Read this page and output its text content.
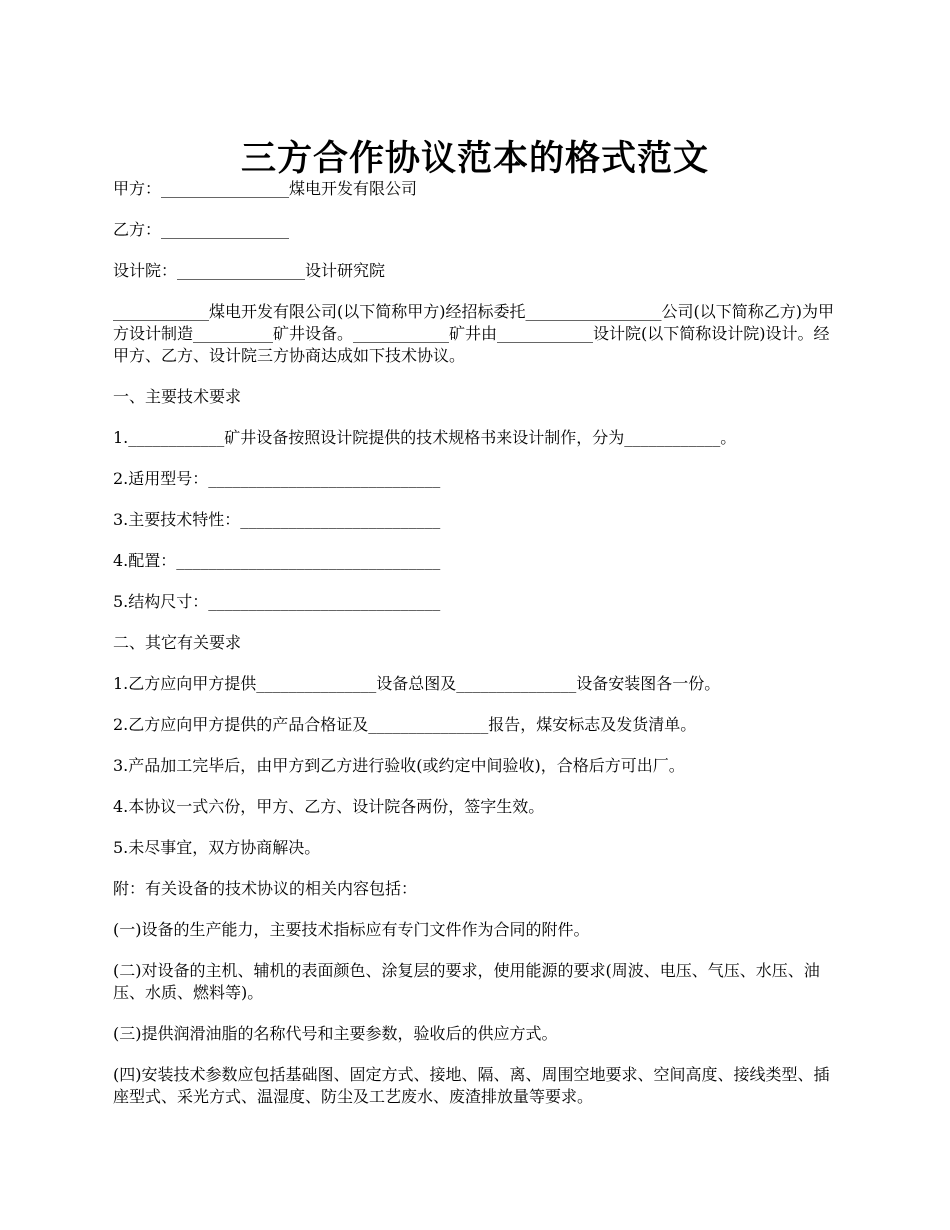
三方合作协议范本的格式范文

甲方：________________煤电开发有限公司

乙方：________________

设计院：________________设计研究院

____________煤电开发有限公司(以下简称甲方)经招标委托_________________公司(以下简称乙方)为甲方设计制造__________矿井设备。____________矿井由____________设计院(以下简称设计院)设计。经甲方、乙方、设计院三方协商达成如下技术协议。

一、主要技术要求

1.____________矿井设备按照设计院提供的技术规格书来设计制作，分为____________。

2.适用型号：_____________________________

3.主要技术特性：_________________________

4.配置：_________________________________

5.结构尺寸：_____________________________

二、其它有关要求

1.乙方应向甲方提供_______________设备总图及_______________设备安装图各一份。

2.乙方应向甲方提供的产品合格证及_______________报告，煤安标志及发货清单。

3.产品加工完毕后，由甲方到乙方进行验收(或约定中间验收)，合格后方可出厂。

4.本协议一式六份，甲方、乙方、设计院各两份，签字生效。

5.未尽事宜，双方协商解决。

附：有关设备的技术协议的相关内容包括：

(一)设备的生产能力，主要技术指标应有专门文件作为合同的附件。

(二)对设备的主机、辅机的表面颜色、涂复层的要求，使用能源的要求(周波、电压、气压、水压、油压、水质、燃料等)。

(三)提供润滑油脂的名称代号和主要参数，验收后的供应方式。

(四)安装技术参数应包括基础图、固定方式、接地、隔、离、周围空地要求、空间高度、接线类型、插座型式、采光方式、温湿度、防尘及工艺废水、废渣排放量等要求。
